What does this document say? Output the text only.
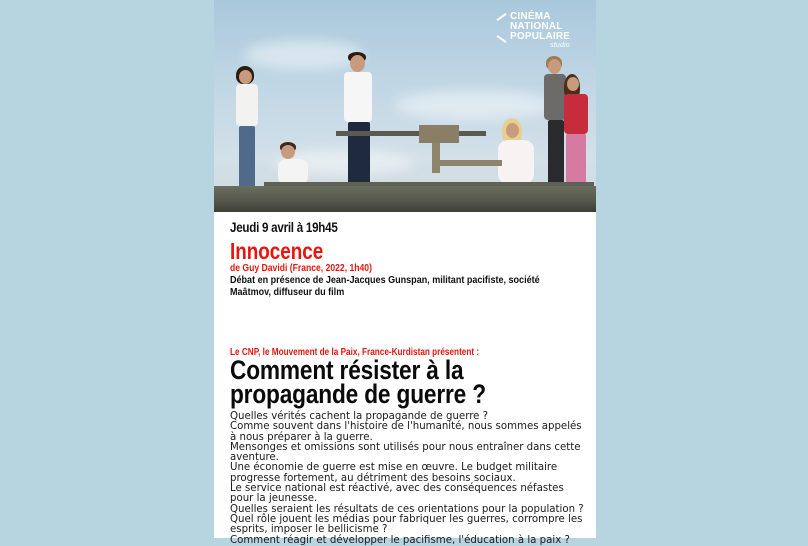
CINÉMA
NATIONAL
POPULAIRE
studio
Jeudi 9 avril à 19h45
Innocence
de Guy Davidi (France, 2022, 1h40)
Débat en présence de Jean-Jacques Gunspan, militant pacifiste, société Maâtmov, diffuseur du film
Le CNP, le Mouvement de la Paix, France-Kurdistan présentent :
Comment résister à la propagande de guerre ?
Quelles vérités cachent la propagande de guerre ?
Comme souvent dans l'histoire de l'humanité, nous sommes appelés à nous préparer à la guerre.
Mensonges et omissions sont utilisés pour nous entraîner dans cette aventure.
Une économie de guerre est mise en œuvre. Le budget militaire progresse fortement, au détriment des besoins sociaux.
Le service national est réactivé, avec des conséquences néfastes pour la jeunesse.
Quelles seraient les résultats de ces orientations pour la population ?
Quel rôle jouent les médias pour fabriquer les guerres, corrompre les esprits, imposer le bellicisme ?
Comment réagir et développer le pacifisme, l'éducation à la paix ?
